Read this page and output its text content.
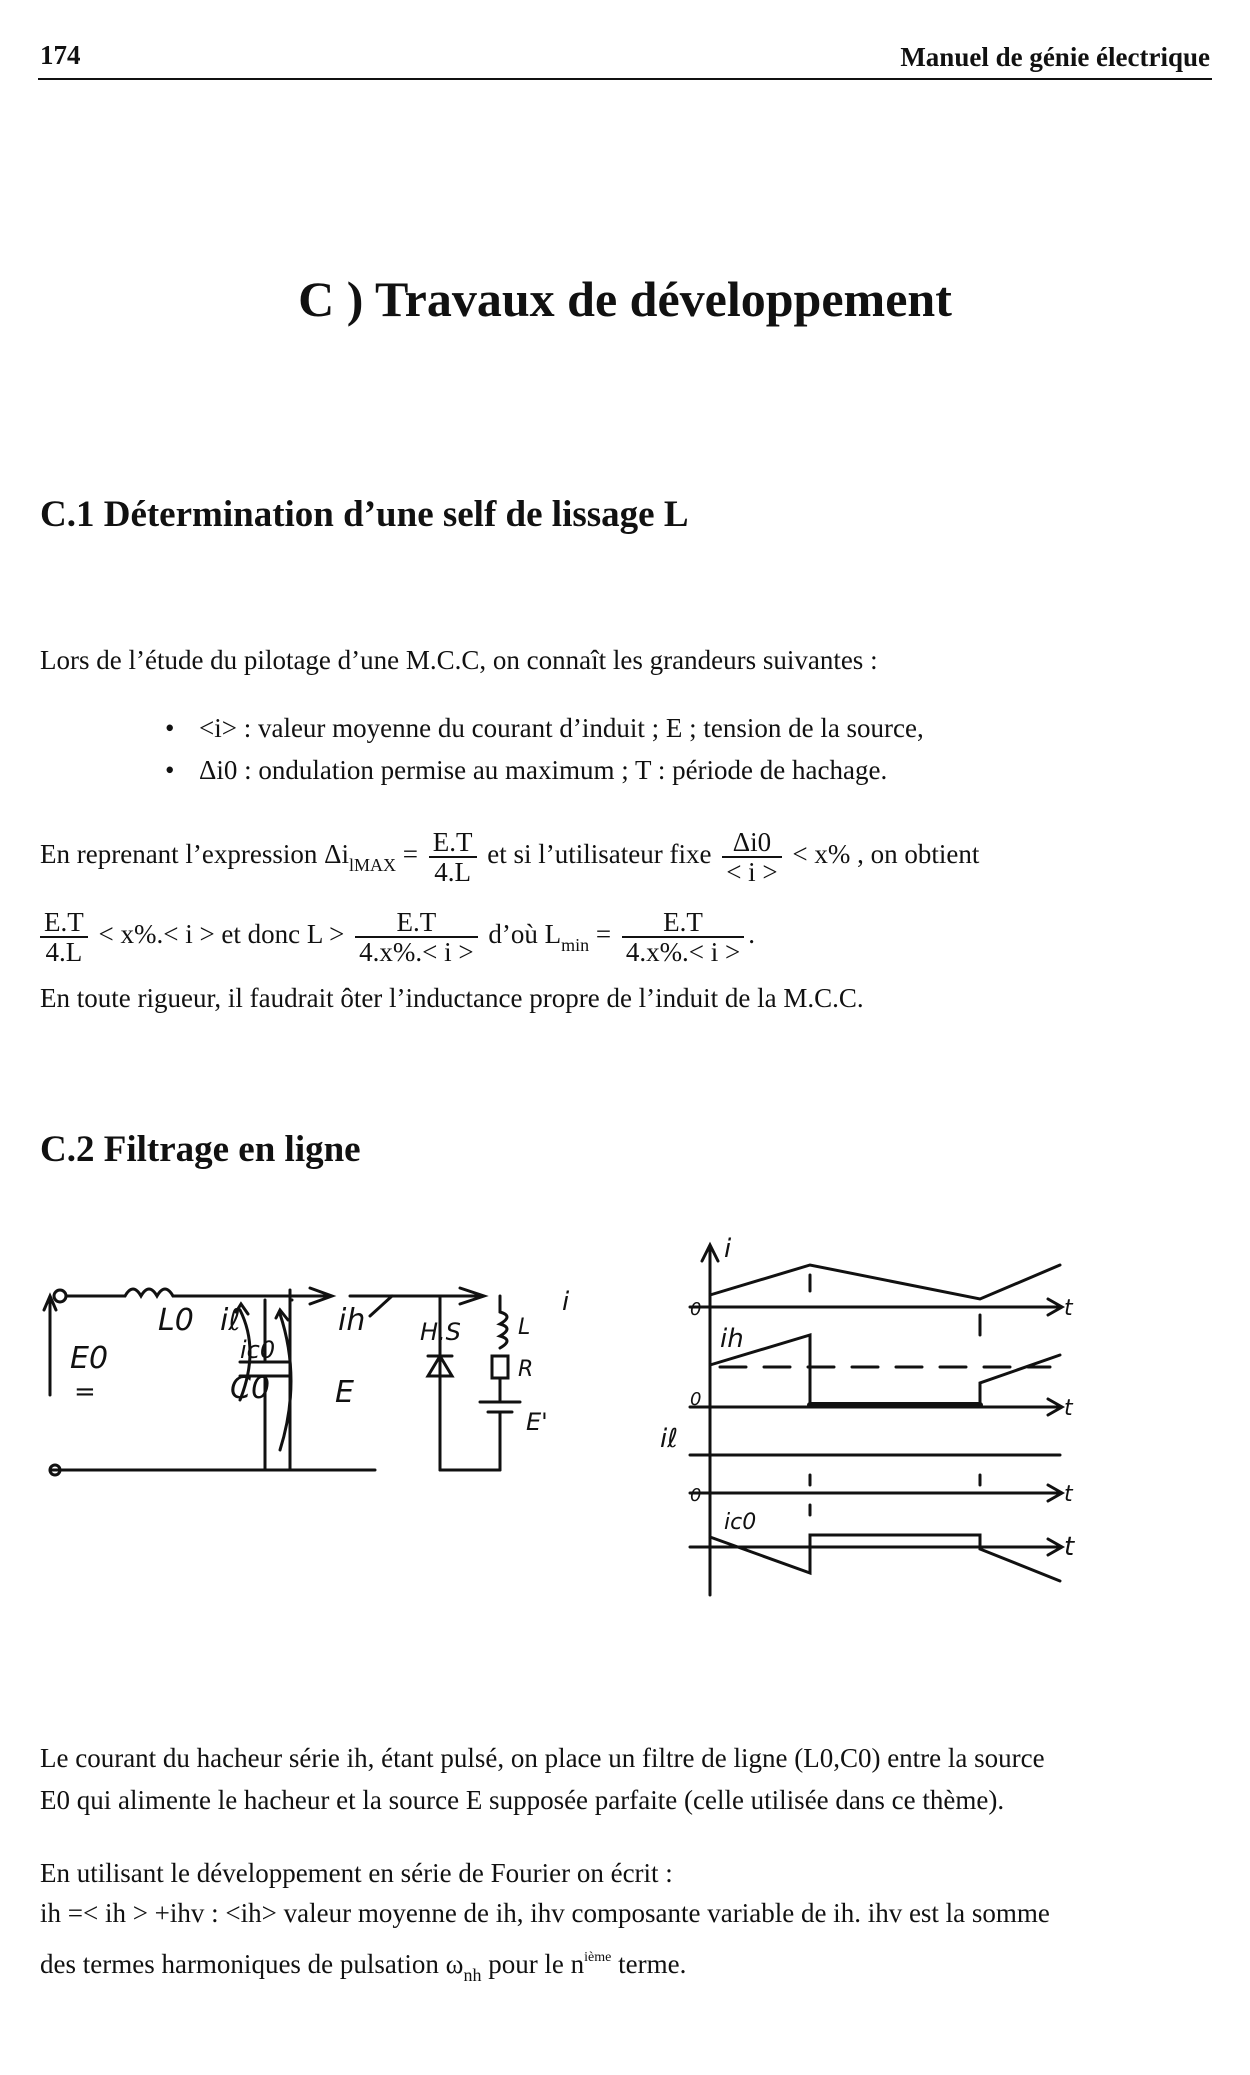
174	Manuel de génie électrique
C ) Travaux de développement
C.1 Détermination d’une self de lissage L
Lors de l’étude du pilotage d’une M.C.C, on connaît les grandeurs suivantes :
• <i> : valeur moyenne du courant d’induit ; E ; tension de la source,
• Δi0 : ondulation permise au maximum ; T : période de hachage.
En reprenant l’expression $\Delta i_{lMAX} = \frac{E.T}{4.L}$ et si l’utilisateur fixe $\frac{\Delta i0}{< i >} < x\%$ , on obtient
$\frac{E.T}{4.L} < x\%.< i$ > et donc $L > \frac{E.T}{4.x\%.< i >}$ d’où $L_{min} = \frac{E.T}{4.x\%.< i >}$ .
En toute rigueur, il faudrait ôter l’inductance propre de l’induit de la M.C.C.
C.2 Filtrage en ligne
E0
=
L0 iℓ	ih
ic0
C0 E
H.S
i
L
R
E'
i
t
ih
t
iℓ
t
ic0
t
0
0
0
Le courant du hacheur série ih, étant pulsé, on place un filtre de ligne (L0,C0) entre la source
E0 qui alimente le hacheur et la source E supposée parfaite (celle utilisée dans ce thème).
En utilisant le développement en série de Fourier on écrit :
ih =< ih > +ihv : <ih> valeur moyenne de ih, ihv composante variable de ih. ihv est la somme
des termes harmoniques de pulsation $\omega_{nh}$ pour le $n^{ième}$ terme.
